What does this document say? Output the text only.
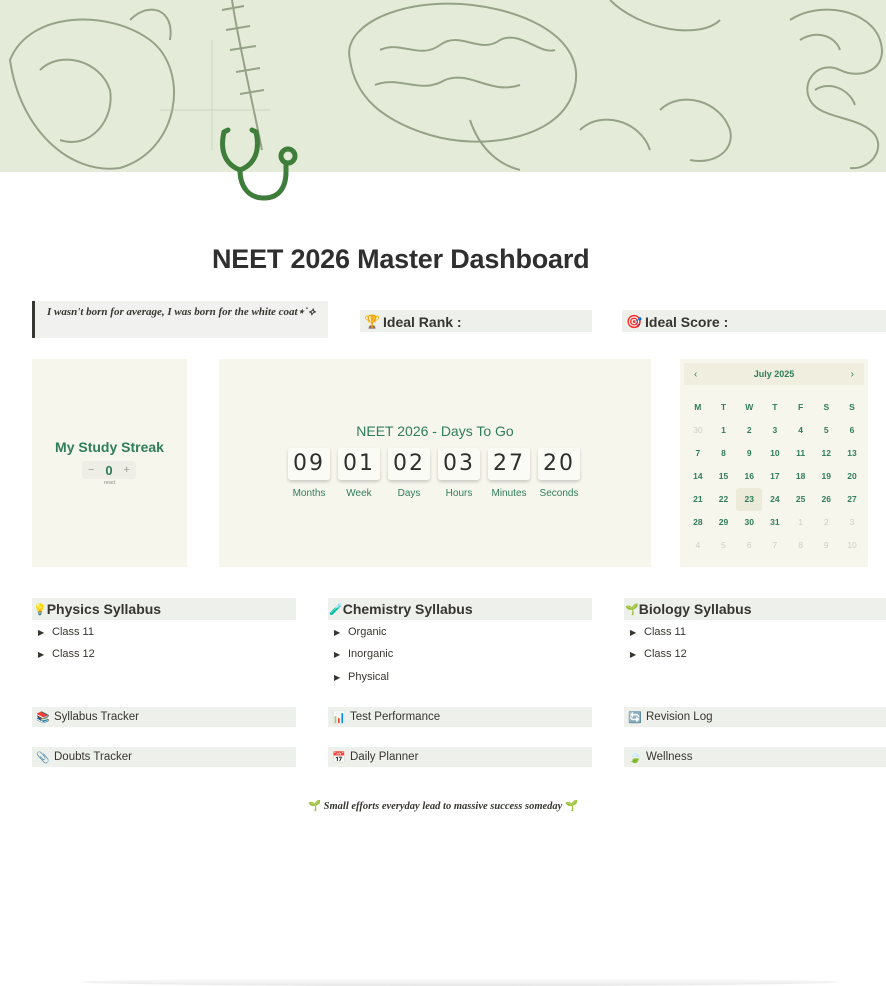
NEET 2026 Master Dashboard
I wasn't born for average, I was born for the white coat⋆˙⟡
🏆 Ideal Rank :	🎯 Ideal Score :
My Study Streak
− 0 +
reset
NEET 2026 - Days To Go
09
Months
01
Week
02
Days
03
Hours
27
Minutes
20
Seconds
‹	July 2025	›
M	T	W	T	F	S	S
30	1	2	3	4	5	6
7	8	9	10	11	12	13
14	15	16	17	18	19	20
21	22	23	24	25	26	27
28	29	30	31	1	2	3
4	5	6	7	8	9	10
💡 Physics Syllabus
▶ Class 11
▶ Class 12
🧪 Chemistry Syllabus
▶ Organic
▶ Inorganic
▶ Physical
🌱 Biology Syllabus
▶ Class 11
▶ Class 12
📚 Syllabus Tracker	📊 Test Performance	🔄 Revision Log
📎 Doubts Tracker	📅 Daily Planner	🍃 Wellness
🌱 Small efforts everyday lead to massive success someday 🌱
